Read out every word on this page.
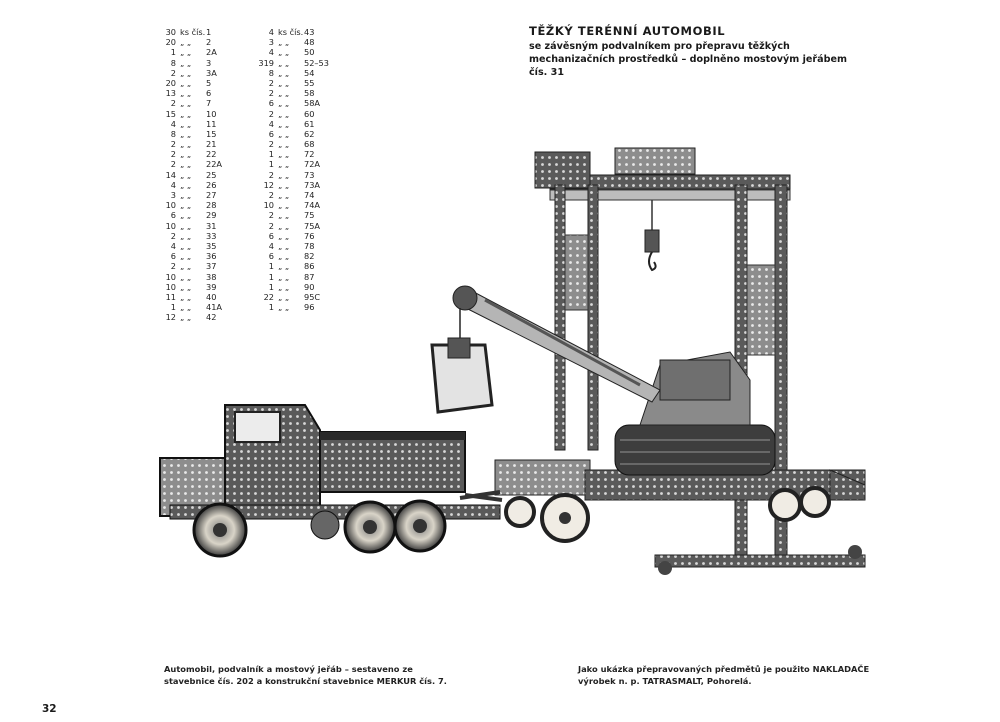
30 ks čís. 1
20 „ „	2
1 „ „	2A
8 „ „	3
2 „ „	3A
20 „ „	5
13 „ „	6
2 „ „	7
15 „ „	10
4 „ „	11
8 „ „	15
2 „ „	21
2 „ „	22
2 „ „	22A
14 „ „	25
4 „ „	26
3 „ „	27
10 „ „	28
6 „ „	29
10 „ „	31
2 „ „	33
4 „ „	35
6 „ „	36
2 „ „	37
10 „ „	38
10 „ „	39
11 „ „	40
1 „ „	41A
12 „ „	42
4 ks čís. 43
3 „ „	48
4 „ „	50
319 „ „	52–53
8 „ „	54
2 „ „	55
2 „ „	58
6 „ „	58A
2 „ „	60
4 „ „	61
6 „ „	62
2 „ „	68
1 „ „	72
1 „ „	72A
2 „ „	73
12 „ „	73A
2 „ „	74
10 „ „	74A
2 „ „	75
2 „ „	75A
6 „ „	76
4 „ „	78
6 „ „	82
1 „ „	86
1 „ „	87
1 „ „	90
22 „ „	95C
1 „ „	96
TĚŽKÝ TERÉNNÍ AUTOMOBIL
se závěsným podvalníkem pro přepravu těžkých mechanizačních prostředků – doplněno mostovým jeřábem čís. 31
Automobil, podvalník a mostový jeřáb – sestaveno ze stavebnice čís. 202 a konstrukční stavebnice MERKUR čís. 7.
Jako ukázka přepravovaných předmětů je použito NAKLADAČE výrobek n. p. TATRASMALT, Pohorelá.
32
